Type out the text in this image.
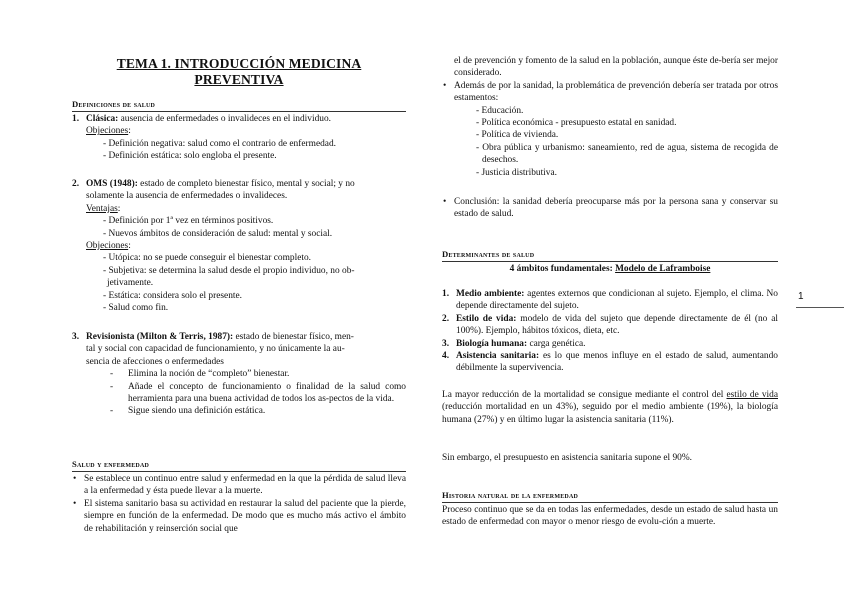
TEMA 1. INTRODUCCIÓN MEDICINA
PREVENTIVA
Definiciones de salud
1. Clásica: ausencia de enfermedades o invalideces en el individuo.
Objeciones:
- Definición negativa: salud como el contrario de enfermedad.
- Definición estática: solo engloba el presente.
2. OMS (1948): estado de completo bienestar físico, mental y social; y no
solamente la ausencia de enfermedades o invalideces.
Ventajas:
- Definición por 1ª vez en términos positivos.
- Nuevos ámbitos de consideración de salud: mental y social.
Objeciones:
- Utópica: no se puede conseguir el bienestar completo.
- Subjetiva: se determina la salud desde el propio individuo, no ob-
jetivamente.
- Estática: considera solo el presente.
- Salud como fin.
3. Revisionista (Milton & Terris, 1987): estado de bienestar físico, men-
tal y social con capacidad de funcionamiento, y no únicamente la au-
sencia de afecciones o enfermedades
- Elimina la noción de “completo” bienestar.
- Añade el concepto de funcionamiento o finalidad de la salud como herramienta para una buena actividad de todos los as-pectos de la vida.
- Sigue siendo una definición estática.
Salud y enfermedad
• Se establece un continuo entre salud y enfermedad en la que la pérdida de salud lleva a la enfermedad y ésta puede llevar a la muerte.
• El sistema sanitario basa su actividad en restaurar la salud del paciente que la pierde, siempre en función de la enfermedad. De modo que es mucho más activo el ámbito de rehabilitación y reinserción social que
el de prevención y fomento de la salud en la población, aunque éste de-bería ser mejor considerado.
• Además de por la sanidad, la problemática de prevención debería ser tratada por otros estamentos:
- Educación.
- Política económica - presupuesto estatal en sanidad.
- Política de vivienda.
- Obra pública y urbanismo: saneamiento, red de agua, sistema de recogida de desechos.
- Justicia distributiva.
• Conclusión: la sanidad debería preocuparse más por la persona sana y conservar su estado de salud.
Determinantes de salud
4 ámbitos fundamentales: Modelo de Laframboise
1. Medio ambiente: agentes externos que condicionan al sujeto. Ejemplo, el clima. No depende directamente del sujeto.
2. Estilo de vida: modelo de vida del sujeto que depende directamente de él (no al 100%). Ejemplo, hábitos tóxicos, dieta, etc.
3. Biología humana: carga genética.
4. Asistencia sanitaria: es lo que menos influye en el estado de salud, aumentando débilmente la supervivencia.
La mayor reducción de la mortalidad se consigue mediante el control del estilo de vida (reducción mortalidad en un 43%), seguido por el medio ambiente (19%), la biología humana (27%) y en último lugar la asistencia sanitaria (11%).
Sin embargo, el presupuesto en asistencia sanitaria supone el 90%.
Historia natural de la enfermedad
Proceso continuo que se da en todas las enfermedades, desde un estado de salud hasta un estado de enfermedad con mayor o menor riesgo de evolu-ción a muerte.
1
